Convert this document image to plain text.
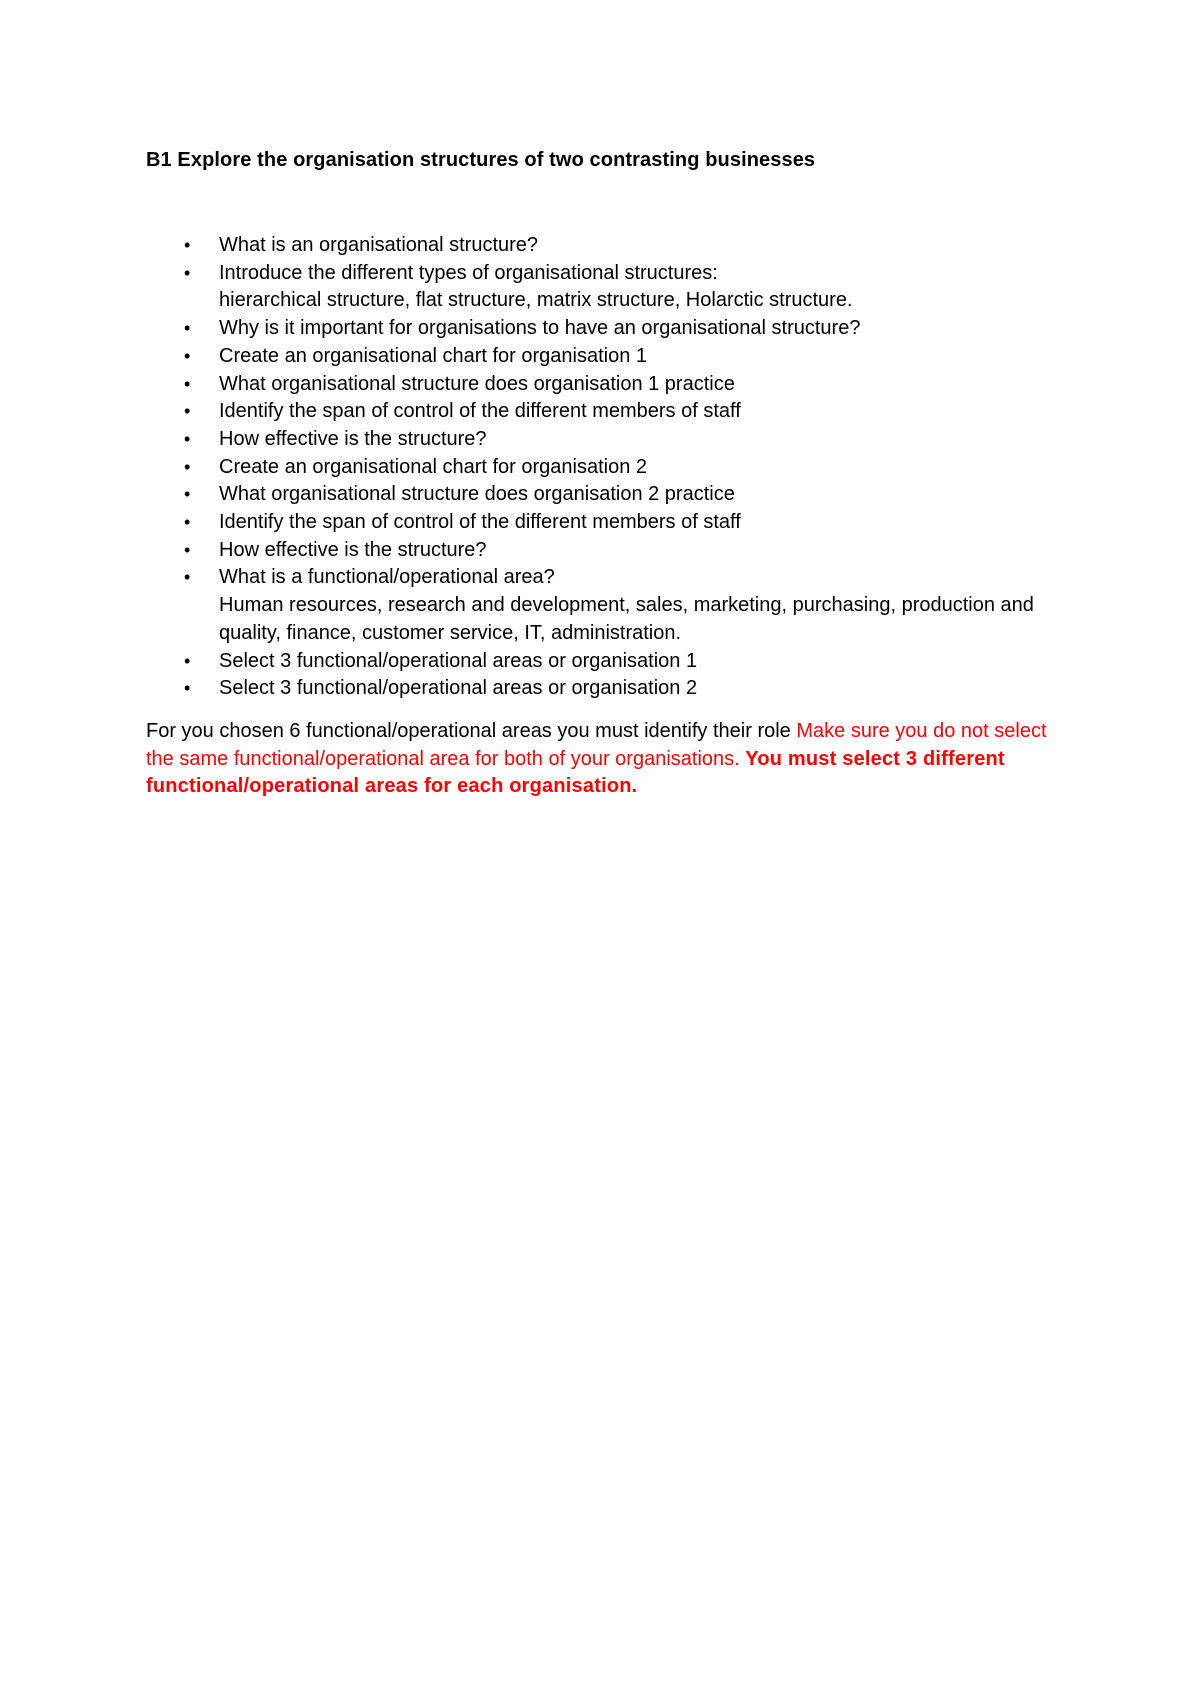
B1 Explore the organisation structures of two contrasting businesses
• What is an organisational structure?
• Introduce the different types of organisational structures:
hierarchical structure, flat structure, matrix structure, Holarctic structure.
• Why is it important for organisations to have an organisational structure?
• Create an organisational chart for organisation 1
• What organisational structure does organisation 1 practice
• Identify the span of control of the different members of staff
• How effective is the structure?
• Create an organisational chart for organisation 2
• What organisational structure does organisation 2 practice
• Identify the span of control of the different members of staff
• How effective is the structure?
• What is a functional/operational area?
Human resources, research and development, sales, marketing, purchasing, production and quality, finance, customer service, IT, administration.
• Select 3 functional/operational areas or organisation 1
• Select 3 functional/operational areas or organisation 2

For you chosen 6 functional/operational areas you must identify their role Make sure you do not select the same functional/operational area for both of your organisations. You must select 3 different functional/operational areas for each organisation.
